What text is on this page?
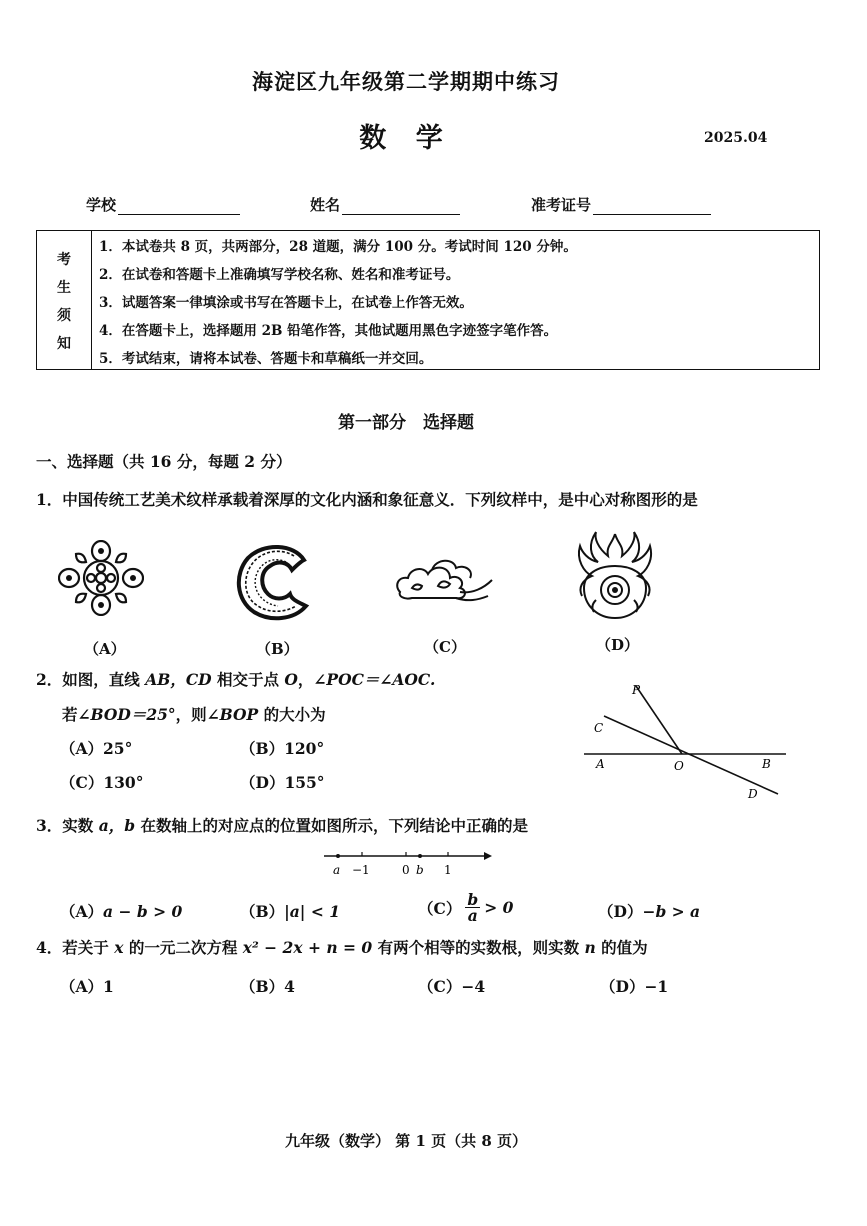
海淀区九年级第二学期期中练习
数 学	2025.04
学校	姓名	准考证号
考
生
须
知
1．本试卷共 8 页，共两部分，28 道题，满分 100 分。考试时间 120 分钟。
2．在试卷和答题卡上准确填写学校名称、姓名和准考证号。
3．试题答案一律填涂或书写在答题卡上，在试卷上作答无效。
4．在答题卡上，选择题用 2B 铅笔作答，其他试题用黑色字迹签字笔作答。
5．考试结束，请将本试卷、答题卡和草稿纸一并交回。
第一部分　选择题
一、选择题（共 16 分，每题 2 分）
1．中国传统工艺美术纹样承载着深厚的文化内涵和象征意义．下列纹样中，是中心对称图形的是
（A）	（B）	（C）	（D）
2．如图，直线 AB，CD 相交于点 O，∠POC＝∠AOC.
若∠BOD＝25°，则∠BOP 的大小为
（A）25°	（B）120°
（C）130°	（D）155°
P
C
A	O	B
D
3．实数 a，b 在数轴上的对应点的位置如图所示，下列结论中正确的是
a −1	0 b 1
（A）a − b > 0	（B）|a| < 1	$(C) \frac{b}{a} > 0$	（D）−b > a
4．若关于 x 的一元二次方程 x² − 2x + n = 0 有两个相等的实数根，则实数 n 的值为
（A）1	（B）4	（C）−4	（D）−1
九年级（数学） 第 1 页（共 8 页）
